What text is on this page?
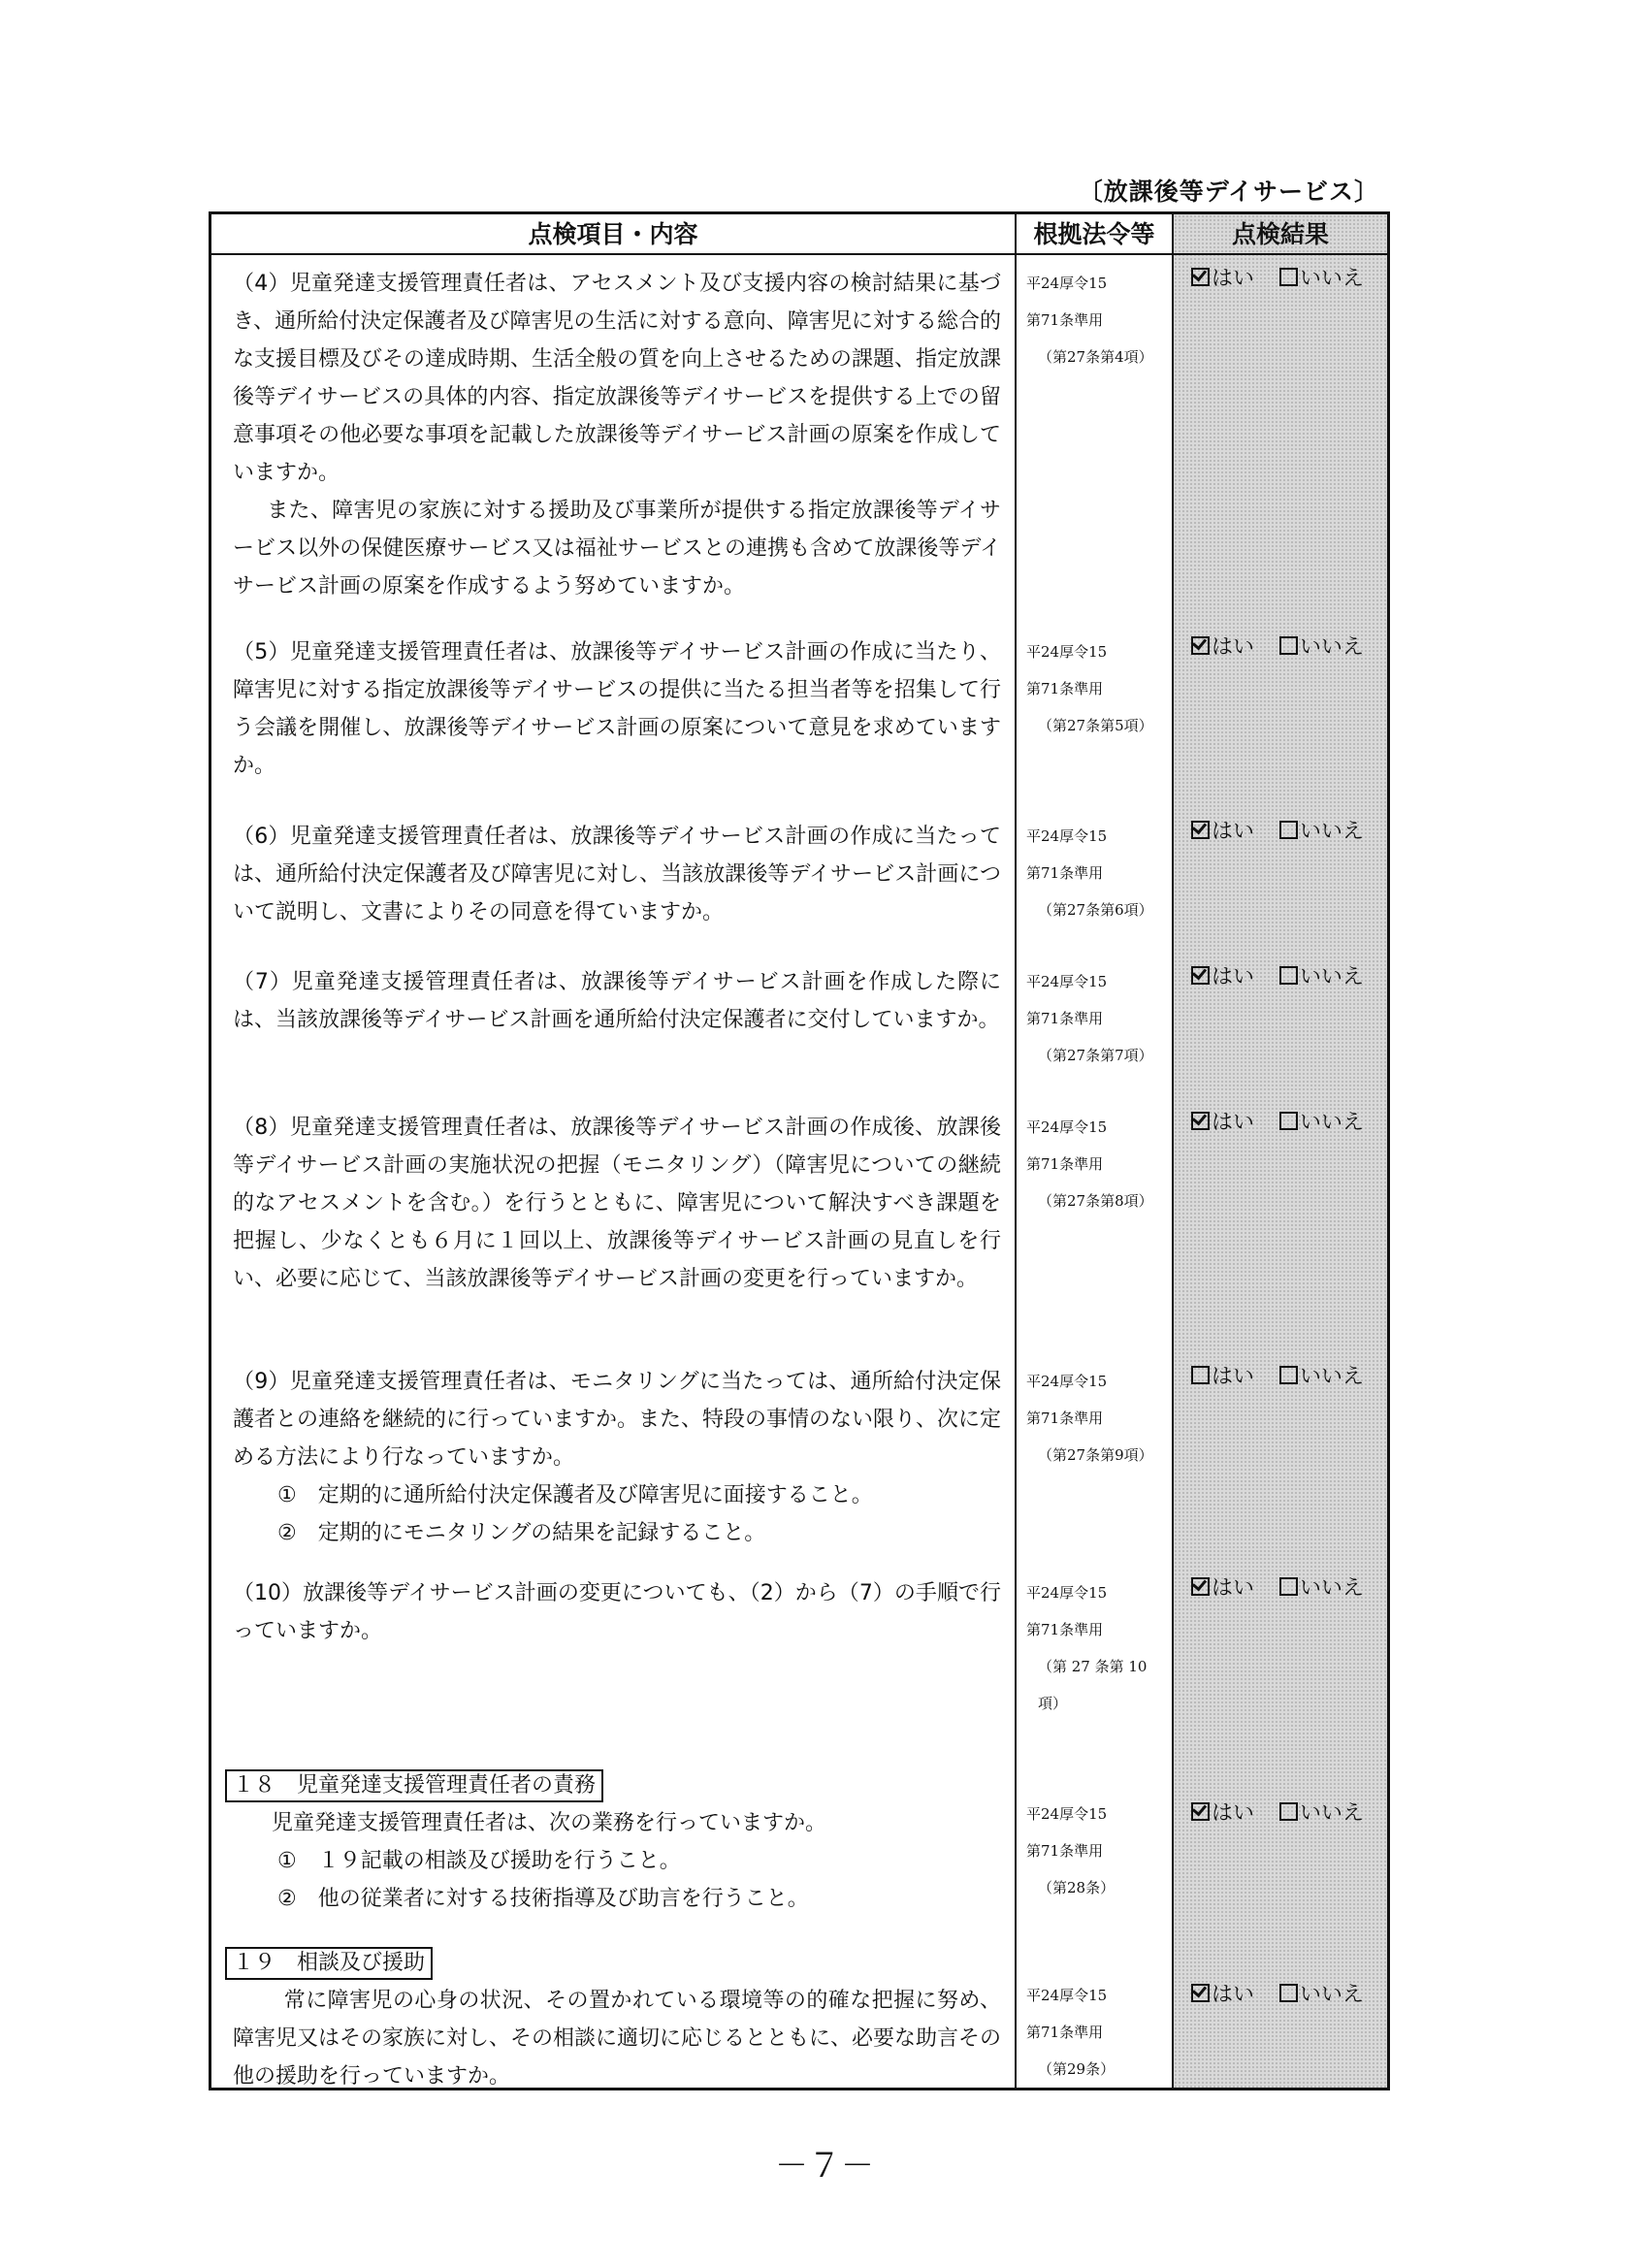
〔放課後等デイサービス〕
点検項目・内容	根拠法令等	点検結果

（4）児童発達支援管理責任者は、アセスメント及び支援内容の検討結果に基づき、通所給付決定保護者及び障害児の生活に対する意向、障害児に対する総合的な支援目標及びその達成時期、生活全般の質を向上させるための課題、指定放課後等デイサービスの具体的内容、指定放課後等デイサービスを提供する上での留意事項その他必要な事項を記載した放課後等デイサービス計画の原案を作成していますか。

また、障害児の家族に対する援助及び事業所が提供する指定放課後等デイサービス以外の保健医療サービス又は福祉サービスとの連携も含めて放課後等デイサービス計画の原案を作成するよう努めていますか。

平24厚令15
第71条準用
（第27条第4項）
はい いいえ

（5）児童発達支援管理責任者は、放課後等デイサービス計画の作成に当たり、障害児に対する指定放課後等デイサービスの提供に当たる担当者等を招集して行う会議を開催し、放課後等デイサービス計画の原案について意見を求めていますか。

平24厚令15
第71条準用
（第27条第5項）
はい いいえ

（6）児童発達支援管理責任者は、放課後等デイサービス計画の作成に当たっては、通所給付決定保護者及び障害児に対し、当該放課後等デイサービス計画について説明し、文書によりその同意を得ていますか。

平24厚令15
第71条準用
（第27条第6項）
はい いいえ

（7）児童発達支援管理責任者は、放課後等デイサービス計画を作成した際には、当該放課後等デイサービス計画を通所給付決定保護者に交付していますか。

平24厚令15
第71条準用
（第27条第7項）
はい いいえ

（8）児童発達支援管理責任者は、放課後等デイサービス計画の作成後、放課後等デイサービス計画の実施状況の把握（モニタリング）（障害児についての継続的なアセスメントを含む。）を行うとともに、障害児について解決すべき課題を把握し、少なくとも６月に１回以上、放課後等デイサービス計画の見直しを行い、必要に応じて、当該放課後等デイサービス計画の変更を行っていますか。

平24厚令15
第71条準用
（第27条第8項）
はい いいえ

（9）児童発達支援管理責任者は、モニタリングに当たっては、通所給付決定保護者との連絡を継続的に行っていますか。また、特段の事情のない限り、次に定める方法により行なっていますか。

①　定期的に通所給付決定保護者及び障害児に面接すること。

②　定期的にモニタリングの結果を記録すること。

平24厚令15
第71条準用
（第27条第9項）
はい いいえ

（10）放課後等デイサービス計画の変更についても、（2）から（7）の手順で行っていますか。

平24厚令15
第71条準用
（第 27 条第 10
項）
はい いいえ

１８　児童発達支援管理責任者の責務

児童発達支援管理責任者は、次の業務を行っていますか。

①　１９記載の相談及び援助を行うこと。

②　他の従業者に対する技術指導及び助言を行うこと。

平24厚令15
第71条準用
（第28条）
はい いいえ

１９　相談及び援助

常に障害児の心身の状況、その置かれている環境等の的確な把握に努め、障害児又はその家族に対し、その相談に適切に応じるとともに、必要な助言その他の援助を行っていますか。

平24厚令15
第71条準用
（第29条）
はい いいえ
－７－
